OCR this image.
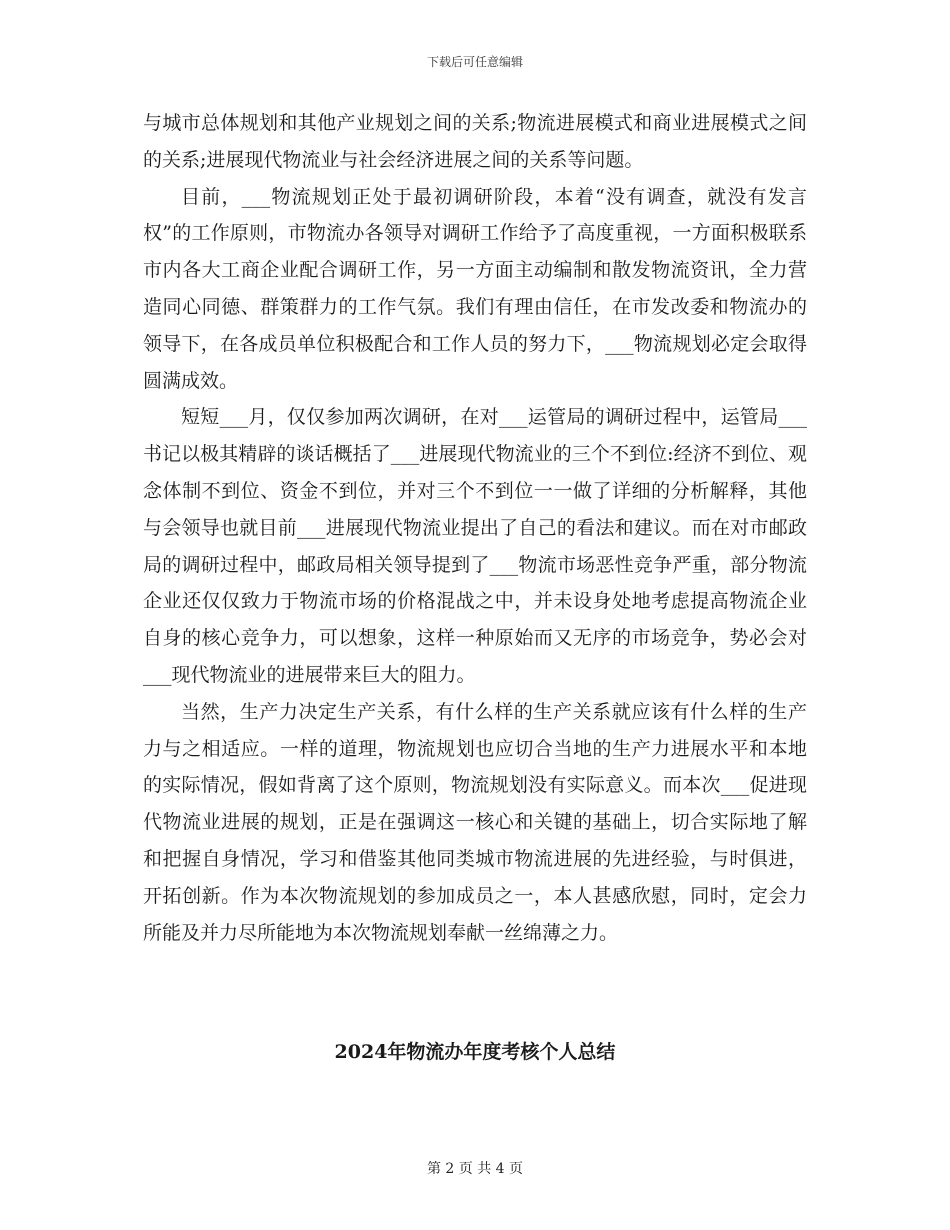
下载后可任意编辑

与城市总体规划和其他产业规划之间的关系;物流进展模式和商业进展模式之间的关系;进展现代物流业与社会经济进展之间的关系等问题。

目前，___物流规划正处于最初调研阶段，本着“没有调查，就没有发言权”的工作原则，市物流办各领导对调研工作给予了高度重视，一方面积极联系市内各大工商企业配合调研工作，另一方面主动编制和散发物流资讯，全力营造同心同德、群策群力的工作气氛。我们有理由信任，在市发改委和物流办的领导下，在各成员单位积极配合和工作人员的努力下，___物流规划必定会取得圆满成效。

短短___月，仅仅参加两次调研，在对___运管局的调研过程中，运管局___书记以极其精辟的谈话概括了___进展现代物流业的三个不到位:经济不到位、观念体制不到位、资金不到位，并对三个不到位一一做了详细的分析解释，其他与会领导也就目前___进展现代物流业提出了自己的看法和建议。而在对市邮政局的调研过程中，邮政局相关领导提到了___物流市场恶性竞争严重，部分物流企业还仅仅致力于物流市场的价格混战之中，并未设身处地考虑提高物流企业自身的核心竞争力，可以想象，这样一种原始而又无序的市场竞争，势必会对___现代物流业的进展带来巨大的阻力。

当然，生产力决定生产关系，有什么样的生产关系就应该有什么样的生产力与之相适应。一样的道理，物流规划也应切合当地的生产力进展水平和本地的实际情况，假如背离了这个原则，物流规划没有实际意义。而本次___促进现代物流业进展的规划，正是在强调这一核心和关键的基础上，切合实际地了解和把握自身情况，学习和借鉴其他同类城市物流进展的先进经验，与时俱进，开拓创新。作为本次物流规划的参加成员之一，本人甚感欣慰，同时，定会力所能及并力尽所能地为本次物流规划奉献一丝绵薄之力。

2024年物流办年度考核个人总结
第 2 页 共 4 页
